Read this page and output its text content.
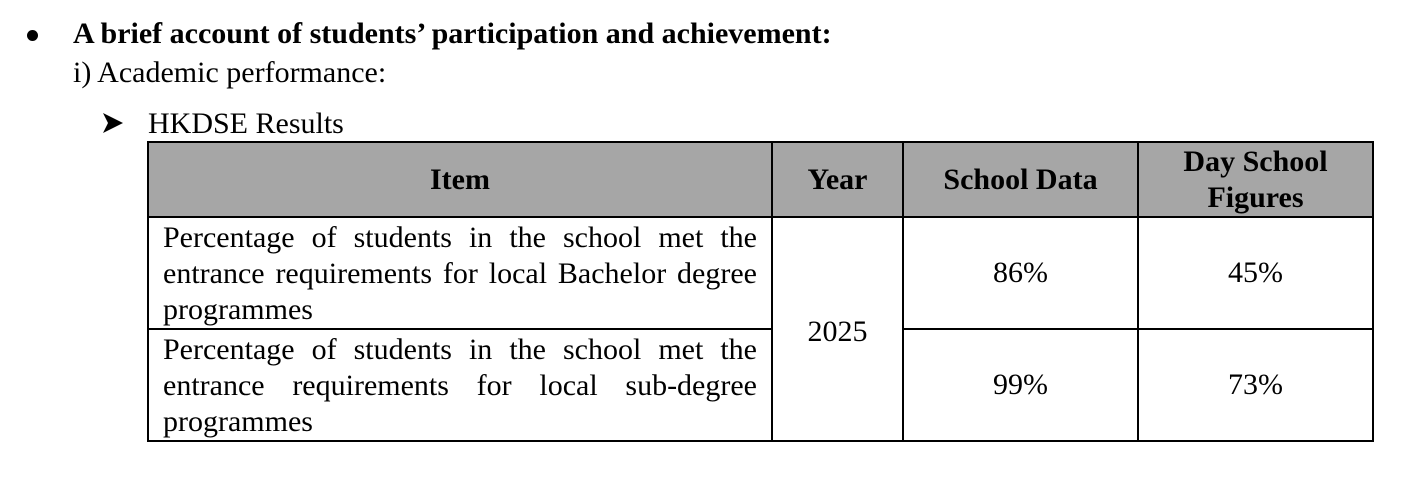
A brief account of students’ participation and achievement:
i) Academic performance:
HKDSE Results
Item	Year	School Data	Day School Figures
Percentage of students in the school met the entrance requirements for local Bachelor degree programmes	2025	86%	45%
Percentage of students in the school met the entrance requirements for local sub-degree programmes		99%	73%
